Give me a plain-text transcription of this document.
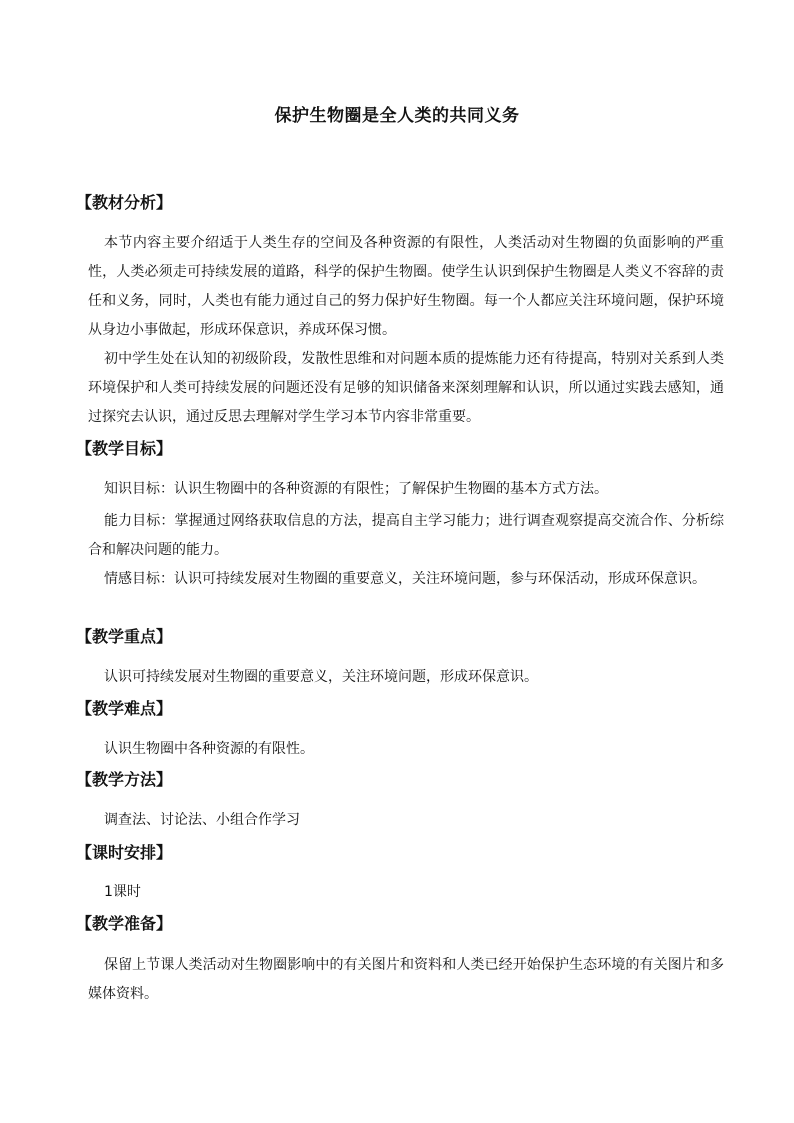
保护生物圈是全人类的共同义务
【教材分析】

本节内容主要介绍适于人类生存的空间及各种资源的有限性，人类活动对生物圈的负面影响的严重性，人类必须走可持续发展的道路，科学的保护生物圈。使学生认识到保护生物圈是人类义不容辞的责任和义务，同时，人类也有能力通过自己的努力保护好生物圈。每一个人都应关注环境问题，保护环境从身边小事做起，形成环保意识，养成环保习惯。

初中学生处在认知的初级阶段，发散性思维和对问题本质的提炼能力还有待提高，特别对关系到人类环境保护和人类可持续发展的问题还没有足够的知识储备来深刻理解和认识，所以通过实践去感知，通过探究去认识，通过反思去理解对学生学习本节内容非常重要。

【教学目标】

知识目标：认识生物圈中的各种资源的有限性；了解保护生物圈的基本方式方法。

能力目标：掌握通过网络获取信息的方法，提高自主学习能力；进行调查观察提高交流合作、分析综合和解决问题的能力。

情感目标：认识可持续发展对生物圈的重要意义，关注环境问题，参与环保活动，形成环保意识。

【教学重点】

认识可持续发展对生物圈的重要意义，关注环境问题，形成环保意识。

【教学难点】

认识生物圈中各种资源的有限性。

【教学方法】

调查法、讨论法、小组合作学习

【课时安排】

1课时

【教学准备】

保留上节课人类活动对生物圈影响中的有关图片和资料和人类已经开始保护生态环境的有关图片和多媒体资料。
